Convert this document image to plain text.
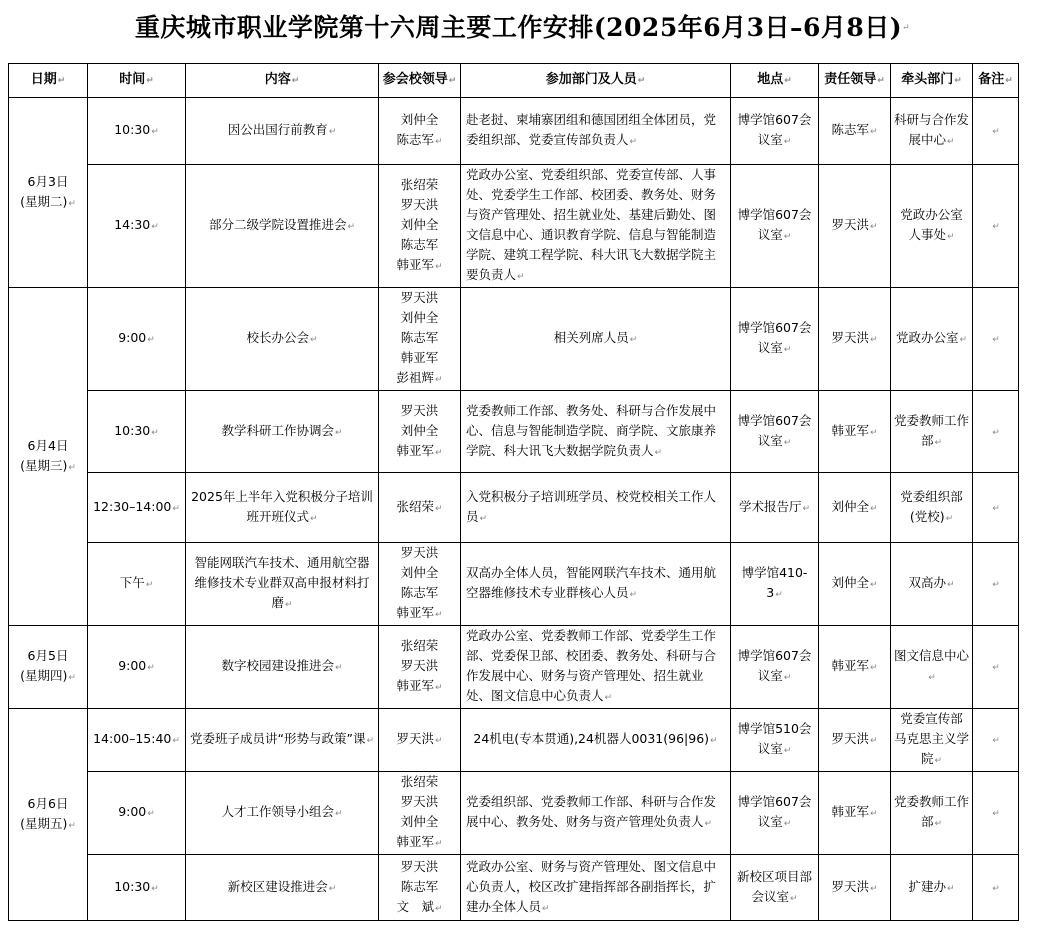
重庆城市职业学院第十六周主要工作安排(2025年6月3日–6月8日)↵
日期↵	时间↵	内容↵	参会校领导↵	参加部门及人员↵	地点↵	责任领导↵	牵头部门↵	备注↵
6月3日
(星期二)↵	10:30↵	因公出国行前教育↵	刘仲全
陈志军↵	赴老挝、柬埔寨团组和德国团组全体团员，党委组织部、党委宣传部负责人↵	博学馆607会议室↵	陈志军↵	科研与合作发展中心↵	↵
	14:30↵	部分二级学院设置推进会↵	张绍荣
罗天洪
刘仲全
陈志军
韩亚军↵	党政办公室、党委组织部、党委宣传部、人事处、党委学生工作部、校团委、教务处、财务与资产管理处、招生就业处、基建后勤处、图文信息中心、通识教育学院、信息与智能制造学院、建筑工程学院、科大讯飞大数据学院主要负责人↵	博学馆607会议室↵	罗天洪↵	党政办公室
人事处↵	↵
6月4日
(星期三)↵	9:00↵	校长办公会↵	罗天洪
刘仲全
陈志军
韩亚军
彭祖辉↵	相关列席人员↵	博学馆607会议室↵	罗天洪↵	党政办公室↵	↵
	10:30↵	教学科研工作协调会↵	罗天洪
刘仲全
韩亚军↵	党委教师工作部、教务处、科研与合作发展中心、信息与智能制造学院、商学院、文旅康养学院、科大讯飞大数据学院负责人↵	博学馆607会议室↵	韩亚军↵	党委教师工作部↵	↵
	12:30–14:00↵	2025年上半年入党积极分子培训班开班仪式↵	张绍荣↵	入党积极分子培训班学员、校党校相关工作人员↵	学术报告厅↵	刘仲全↵	党委组织部(党校)↵	↵
	下午↵	智能网联汽车技术、通用航空器维修技术专业群双高申报材料打磨↵	罗天洪
刘仲全
陈志军
韩亚军↵	双高办全体人员，智能网联汽车技术、通用航空器维修技术专业群核心人员↵	博学馆410-3↵	刘仲全↵	双高办↵	↵
6月5日
(星期四)↵	9:00↵	数字校园建设推进会↵	张绍荣
罗天洪
韩亚军↵	党政办公室、党委教师工作部、党委学生工作部、党委保卫部、校团委、教务处、科研与合作发展中心、财务与资产管理处、招生就业处、图文信息中心负责人↵	博学馆607会议室↵	韩亚军↵	图文信息中心↵	↵
6月6日
(星期五)↵	14:00–15:40↵	党委班子成员讲“形势与政策”课↵	罗天洪↵	24机电(专本贯通),24机器人0031(96|96)↵	博学馆510会议室↵	罗天洪↵	党委宣传部
马克思主义学院↵	↵
	9:00↵	人才工作领导小组会↵	张绍荣
罗天洪
刘仲全
韩亚军↵	党委组织部、党委教师工作部、科研与合作发展中心、教务处、财务与资产管理处负责人↵	博学馆607会议室↵	韩亚军↵	党委教师工作部↵	↵
	10:30↵	新校区建设推进会↵	罗天洪
陈志军
文　斌↵	党政办公室、财务与资产管理处、图文信息中心负责人，校区改扩建指挥部各副指挥长，扩建办全体人员↵	新校区项目部会议室↵	罗天洪↵	扩建办↵	↵
